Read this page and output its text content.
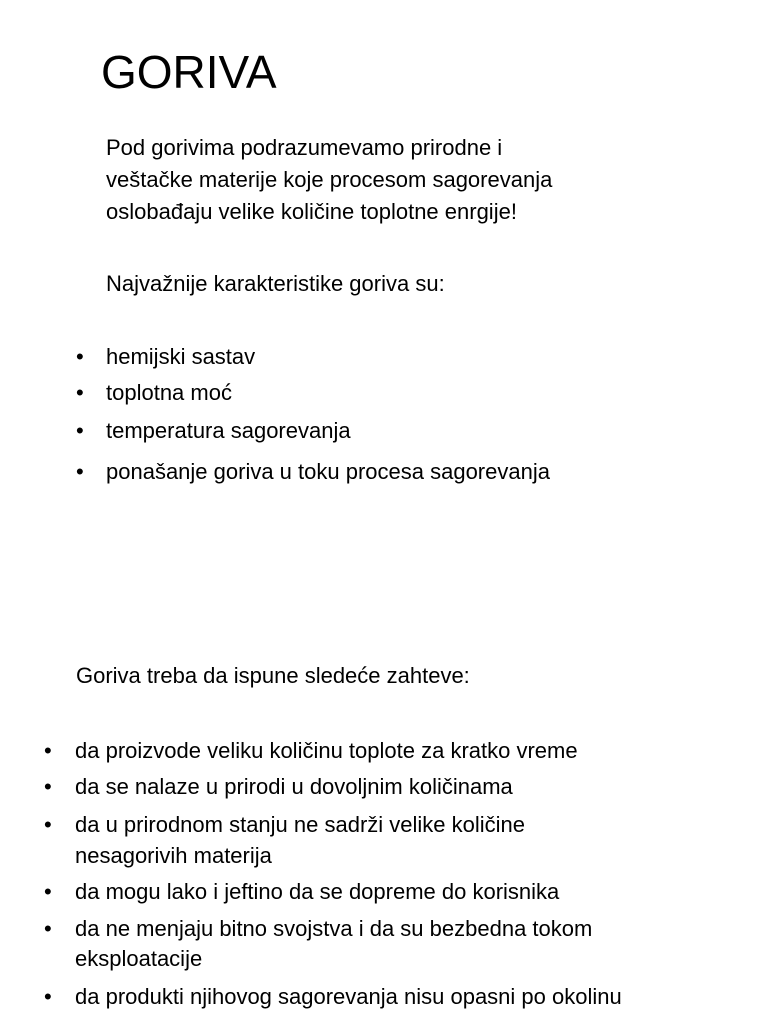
GORIVA

Pod gorivima podrazumevamo prirodne i

veštačke materije koje procesom sagorevanja

oslobađaju velike količine toplotne enrgije!

Najvažnije karakteristike goriva su:

• hemijski sastav
• toplotna moć
• temperatura sagorevanja
• ponašanje goriva u toku procesa sagorevanja

Goriva treba da ispune sledeće zahteve:

• da proizvode veliku količinu toplote za kratko vreme
• da se nalaze u prirodi u dovoljnim količinama
• da u prirodnom stanju ne sadrži velike količine
nesagorivih materija
• da mogu lako i jeftino da se dopreme do korisnika
• da ne menjaju bitno svojstva i da su bezbedna tokom
eksploatacije
• da produkti njihovog sagorevanja nisu opasni po okolinu
